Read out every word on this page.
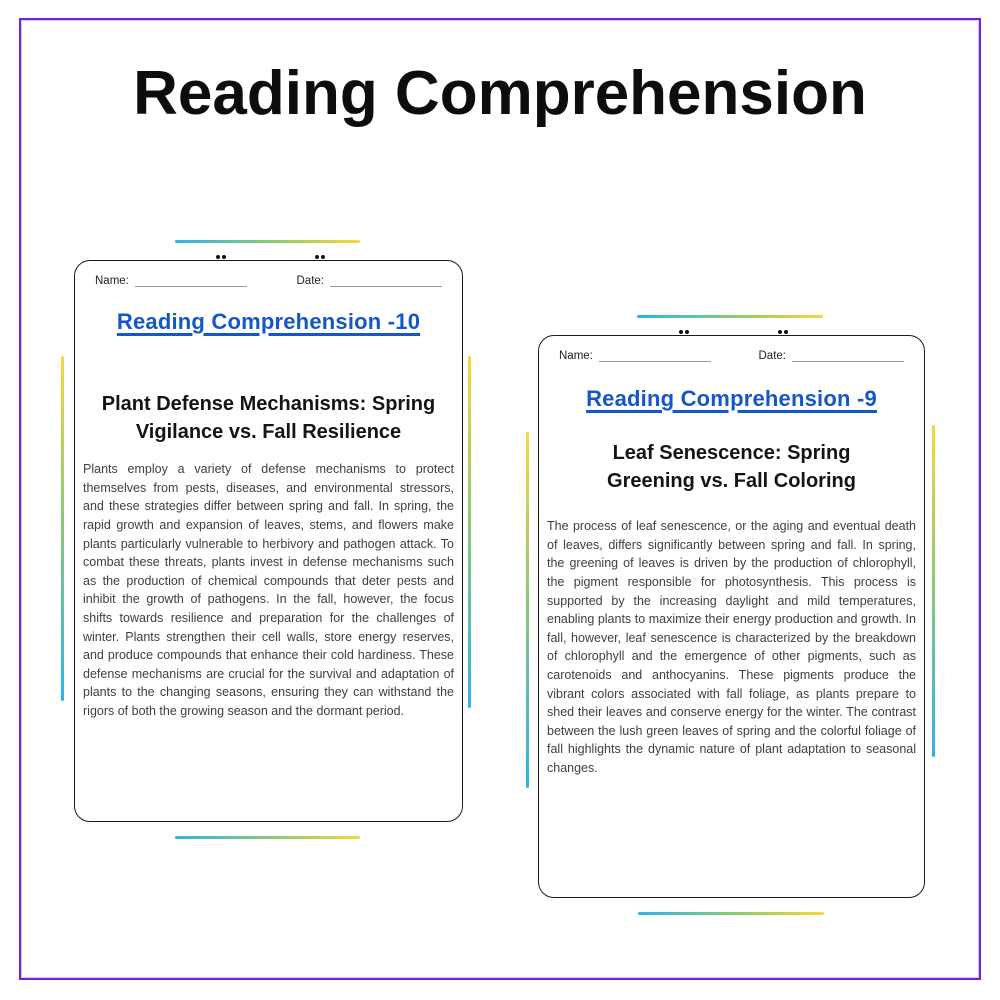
Reading Comprehension
Name:	Date:
Reading Comprehension -10
Plant Defense Mechanisms: Spring Vigilance vs. Fall Resilience

Plants employ a variety of defense mechanisms to protect themselves from pests, diseases, and environmental stressors, and these strategies differ between spring and fall. In spring, the rapid growth and expansion of leaves, stems, and flowers make plants particularly vulnerable to herbivory and pathogen attack. To combat these threats, plants invest in defense mechanisms such as the production of chemical compounds that deter pests and inhibit the growth of pathogens. In the fall, however, the focus shifts towards resilience and preparation for the challenges of winter. Plants strengthen their cell walls, store energy reserves, and produce compounds that enhance their cold hardiness. These defense mechanisms are crucial for the survival and adaptation of plants to the changing seasons, ensuring they can withstand the rigors of both the growing season and the dormant period.

Name:	Date:
Reading Comprehension -9
Leaf Senescence: Spring Greening vs. Fall Coloring

The process of leaf senescence, or the aging and eventual death of leaves, differs significantly between spring and fall. In spring, the greening of leaves is driven by the production of chlorophyll, the pigment responsible for photosynthesis. This process is supported by the increasing daylight and mild temperatures, enabling plants to maximize their energy production and growth. In fall, however, leaf senescence is characterized by the breakdown of chlorophyll and the emergence of other pigments, such as carotenoids and anthocyanins. These pigments produce the vibrant colors associated with fall foliage, as plants prepare to shed their leaves and conserve energy for the winter. The contrast between the lush green leaves of spring and the colorful foliage of fall highlights the dynamic nature of plant adaptation to seasonal changes.
